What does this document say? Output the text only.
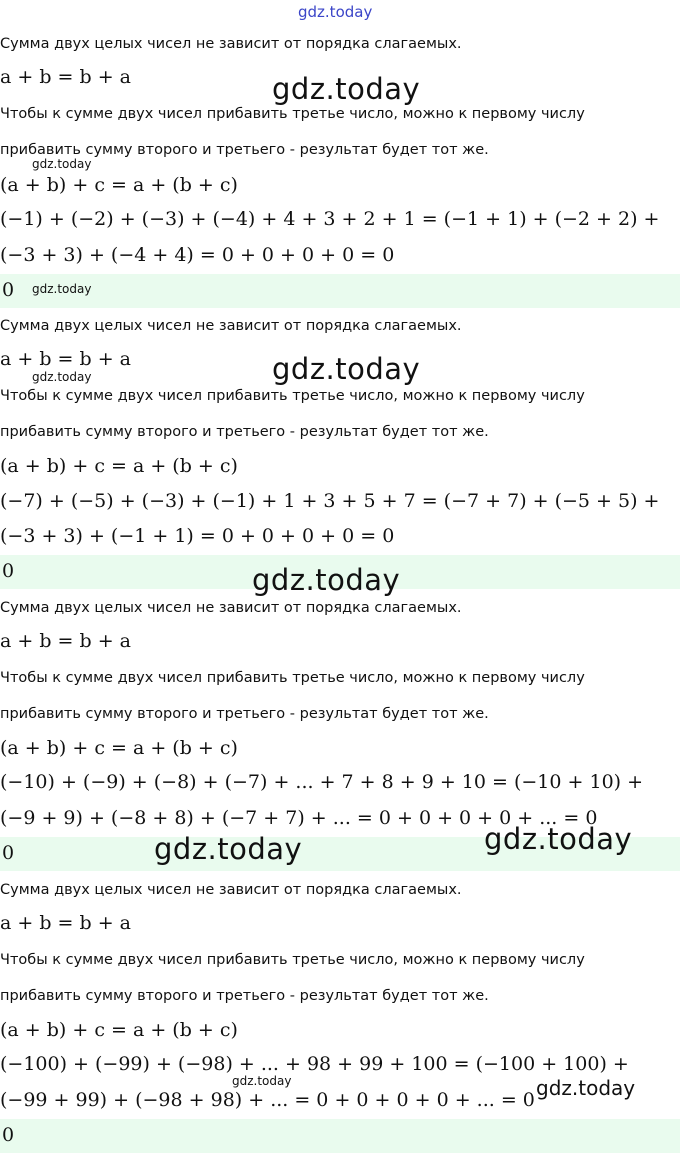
gdz.today
Сумма двух целых чисел не зависит от порядка слагаемых.
a + b = b + a
Чтобы к сумме двух чисел прибавить третье число, можно к первому числу
прибавить сумму второго и третьего - результат будет тот же.
(a + b) + c = a + (b + c)
(−1) + (−2) + (−3) + (−4) + 4 + 3 + 2 + 1 = (−1 + 1) + (−2 + 2) +
(−3 + 3) + (−4 + 4) = 0 + 0 + 0 + 0 = 0
0
Сумма двух целых чисел не зависит от порядка слагаемых.
a + b = b + a
Чтобы к сумме двух чисел прибавить третье число, можно к первому числу
прибавить сумму второго и третьего - результат будет тот же.
(a + b) + c = a + (b + c)
(−7) + (−5) + (−3) + (−1) + 1 + 3 + 5 + 7 = (−7 + 7) + (−5 + 5) +
(−3 + 3) + (−1 + 1) = 0 + 0 + 0 + 0 = 0
0
Сумма двух целых чисел не зависит от порядка слагаемых.
a + b = b + a
Чтобы к сумме двух чисел прибавить третье число, можно к первому числу
прибавить сумму второго и третьего - результат будет тот же.
(a + b) + c = a + (b + c)
(−10) + (−9) + (−8) + (−7) + ... + 7 + 8 + 9 + 10 = (−10 + 10) +
(−9 + 9) + (−8 + 8) + (−7 + 7) + ... = 0 + 0 + 0 + 0 + ... = 0
0
Сумма двух целых чисел не зависит от порядка слагаемых.
a + b = b + a
Чтобы к сумме двух чисел прибавить третье число, можно к первому числу
прибавить сумму второго и третьего - результат будет тот же.
(a + b) + c = a + (b + c)
(−100) + (−99) + (−98) + ... + 98 + 99 + 100 = (−100 + 100) +
(−99 + 99) + (−98 + 98) + ... = 0 + 0 + 0 + 0 + ... = 0
0
gdz.today
gdz.today
gdz.today
gdz.today
gdz.today
gdz.today
gdz.today	gdz.today
gdz.today	gdz.today
